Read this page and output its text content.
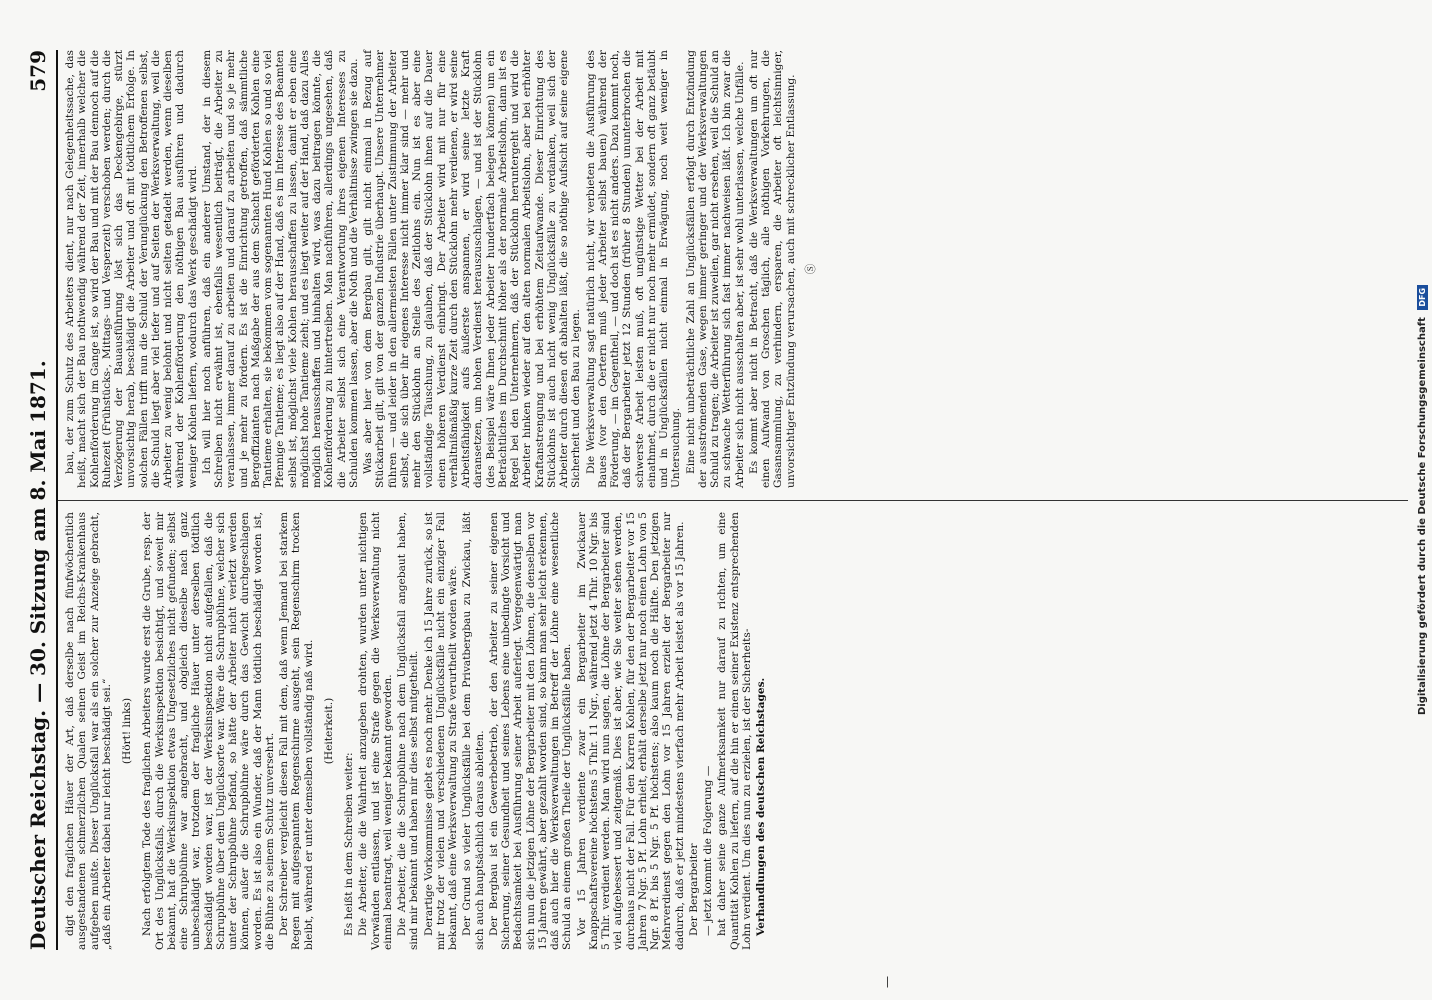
Deutscher Reichstag. — 30. Sitzung am 8. Mai 1871.
579

digt den fraglichen Häuer der Art, daß derselbe nach fünfwöchentlich ausgestandenen schmerzlichen Qualen seinen Geist im Reichs-Krankenhaus aufgeben mußte. Dieser Unglücksfall war als ein solcher zur Anzeige gebracht, „daß ein Arbeiter dabei nur leicht beschädigt sei.“ (Hört! links) Nach erfolgtem Tode des fraglichen Arbeiters wurde erst die Grube, resp. der Ort des Unglücksfalls, durch die Werksinspektion besichtigt, und soweit mir bekannt, hat die Werksinspektion etwas Ungesetzliches nicht gefunden; selbst eine Schrupbühne war angebracht, und obgleich dieselbe nach ganz unbeschädigt war, trotzdem der fragliche Häuer unter derselben tödtlich beschädigt worden war, ist der Werksinspektion nicht aufgefallen, daß die Schrupbühne über dem Unglücksorte war. Wäre die Schrupbühne, welcher sich unter der Schrupbühne befand, so hätte der Arbeiter nicht verletzt werden können, außer die Schrupbühne wäre durch das Gewicht durchgeschlagen worden. Es ist also ein Wunder, daß der Mann tödtlich beschädigt worden ist, die Bühne zu seinem Schutz unversehrt. Der Schreiber vergleicht diesen Fall mit dem, daß wenn Jemand bei starkem Regen mit aufgespanntem Regenschirme ausgeht, sein Regenschirm trocken bleibt, während er unter demselben vollständig naß wird. (Heiterkeit.)

Es heißt in dem Schreiben weiter: Die Arbeiter, die die Wahrheit anzugeben drohten, wurden unter nichtigen Vorwänden entlassen, und ist eine Strafe gegen die Werksverwaltung nicht einmal beantragt, weil weniger bekannt geworden. Die Arbeiter, die die Schrupbühne nach dem Unglücksfall angebaut haben, sind mir bekannt und haben mir dies selbst mitgetheilt. Derartige Vorkommnisse giebt es noch mehr. Denke ich 15 Jahre zurück, so ist mir trotz der vielen und verschiedenen Unglücksfälle nicht ein einziger Fall bekannt, daß eine Werksverwaltung zu Strafe verurtheilt worden wäre. Der Grund so vieler Unglücksfälle bei dem Privatbergbau zu Zwickau, läßt sich auch hauptsächlich daraus ableiten. Der Bergbau ist ein Gewerbebetrieb, der den Arbeiter zu seiner eigenen Sicherung, seiner Gesundheit und seines Lebens eine unbedingte Vorsicht und Bedachtsamkeit bei Ausführung seiner Arbeit auferlegt. Vergegenwärtigt man sich nun die jetzigen Löhne der Bergarbeiter mit den Löhnen, die denselben vor 15 Jahren gewährt, aber gezahlt worden sind, so kann man sehr leicht erkennen, daß auch hier die Werksverwaltungen im Betreff der Löhne eine wesentliche Schuld an einem großen Theile der Unglücksfälle haben. Vor 15 Jahren verdiente zwar ein Bergarbeiter im Zwickauer Knappschaftsvereine höchstens 5 Thlr. 11 Ngr., während jetzt 4 Thlr. 10 Ngr. bis 5 Thlr. verdient werden. Man wird nun sagen, die Löhne der Bergarbeiter sind viel aufgebessert und zeitgemäß. Dies ist aber, wie Sie weiter sehen werden, durchaus nicht der Fall. Für den Karren Kohlen, für den der Bergarbeiter vor 15 Jahren 7 Ngr. 5 Pf. Lohn erhielt, erhält derselbe jetzt nur noch einen Lohn von 5 Ngr. 8 Pf. bis 5 Ngr. 5 Pf. höchstens; also kaum noch die Hälfte. Den jetzigen Mehrverdienst gegen den Lohn vor 15 Jahren erzielt der Bergarbeiter nur dadurch, daß er jetzt mindestens vierfach mehr Arbeit leistet als vor 15 Jahren. Der Bergarbeiter — jetzt kommt die Folgerung — hat daher seine ganze Aufmerksamkeit nur darauf zu richten, um eine Quantität Kohlen zu liefern, auf die hin er einen seiner Existenz entsprechenden Lohn verdient. Um dies nun zu erzielen, ist der Sicherheits- Verhandlungen des deutschen Reichstages.

bau, der zum Schutz des Arbeiters dient, nur nach Gelegenheitssache, das heißt, macht sich der Bau nothwendig während der Zeit, innerhalb welcher die Kohlenförderung im Gange ist, so wird der Bau und mit der Bau dennoch auf die Ruhezeit (Frühstücks-, Mittags- und Vesperzeit) verschoben werden; durch die Verzögerung der Bauausführung löst sich das Deckengebirge, stürzt unvorsichtig herab, beschädigt die Arbeiter und oft mit tödtlichem Erfolge. In solchen Fällen trifft nun die Schuld der Verunglückung den Betroffenen selbst, die Schuld liegt aber viel tiefer und auf Seiten der Werksverwaltung, weil die Arbeiter zu wenig belohnt und nicht selten getadelt werden, wenn dieselben während der Kohlenförderung den nöthigen Bau ausführen und dadurch weniger Kohlen liefern, wodurch das Werk geschädigt wird. Ich will hier noch anführen, daß ein anderer Umstand, der in diesem Schreiben nicht erwähnt ist, ebenfalls wesentlich beiträgt, die Arbeiter zu veranlassen, immer darauf zu arbeiten und darauf zu arbeiten und so je mehr und je mehr zu fördern. Es ist die Einrichtung getroffen, daß sämmtliche Bergoffizianten nach Maßgabe der aus dem Schacht geförderten Kohlen eine Tantieme erhalten, sie bekommen vom sogenannten Hund Kohlen so und so viel Pfennige Tantieme; es liegt also auf der Hand, daß es im Interesse des Beamten selbst ist, möglichst viele Kohlen herausschaffen zu lassen, damit er eben eine möglichst hohe Tantieme zieht; und es liegt weiter auf der Hand, daß dazu Alles möglich herausschaffen und hinhalten wird, was dazu beitragen könnte, die Kohlenförderung zu hintertreiben. Man nachführen, allerdings ungesehen, daß die Arbeiter selbst sich eine Verantwortung ihres eigenen Interesses zu Schulden kommen lassen, aber die Noth und die Verhältnisse zwingen sie dazu. Was aber hier von dem Bergbau gilt, gilt nicht einmal in Bezug auf Stückarbeit gilt, gilt von der ganzen Industrie überhaupt. Unsere Unternehmer führen — und leider in den allermeisten Fällen unter Zustimmung der Arbeiter selbst, die sich über ihr eigenes Interesse nicht immer klar sind — mehr und mehr den Stücklohn an Stelle des Zeitlohns ein. Nun ist es aber eine vollständige Täuschung, zu glauben, daß der Stücklohn ihnen auf die Dauer einen höheren Verdienst einbringt. Der Arbeiter wird mit nur für eine verhältnißmäßig kurze Zeit durch den Stücklohn mehr verdienen, er wird seine Arbeitsfähigkeit aufs äußerste anspannen, er wird seine letzte Kraft daransetzen, um hohen Verdienst herauszuschlagen, — und ist der Stücklohn (des Beispiel wäre Ihnen jeder Arbeiter hundertfach belegen können) um ein Beträchtliches im Durchschnitt höher als der normale Arbeitslohn, dann ist es Regel bei den Unternehmern, daß der Stücklohn heruntergeht und wird die Arbeiter hinken wieder auf den alten normalen Arbeitslohn, aber bei erhöhter Kraftanstrengung und bei erhöhtem Zeitaufwande. Dieser Einrichtung des Stücklohns ist auch nicht wenig Unglücksfälle zu verdanken, weil sich der Arbeiter durch diesen oft abhalten läßt, die so nöthige Aufsicht auf seine eigene Sicherheit und den Bau zu legen. Die Werksverwaltung sagt natürlich nicht, wir verbieten die Ausführung des Baues (vor den Oertern muß jeder Arbeiter selbst bauen) während der Förderung, — im Gegentheil, — und doch ist es nicht anders. Dazu kommt noch, daß der Bergarbeiter jetzt 12 Stunden (früher 8 Stunden) ununterbrochen die schwerste Arbeit leisten muß, oft ungünstige Wetter bei der Arbeit mit einathmet, durch die er nicht nur noch mehr ermüdet, sondern oft ganz betäubt und in Unglücksfällen nicht einmal in Erwägung, noch weit weniger in Untersuchung. Eine nicht unbeträchtliche Zahl an Unglücksfällen erfolgt durch Entzündung der ausströmenden Gase, wegen immer geringer und der Werksverwaltungen Schuld zu tragen; die Arbeiter ist zuweilen, gar nicht ersehen, weil die Schuld an zu schwache Wetterführung sich fast immer nachweisen läßt. Ich bin zwar die Arbeiter sich nicht ausschalten aber, ist sehr wohl unterlassen, welche Unfälle. Es kommt aber nicht in Betracht, daß die Werksverwaltungen um oft nur einen Aufwand von Groschen täglich, alle nöthigen Vorkehrungen, die Gasansammlung, zu verhindern, ersparen, die Arbeiter oft leichtsinniger, unvorsichtiger Entzündung verursachen, auch mit schrecklicher Entlassung. Ⓢ

—
Digitalisierung gefördert durch die Deutsche Forschungsgemeinschaft DFG
